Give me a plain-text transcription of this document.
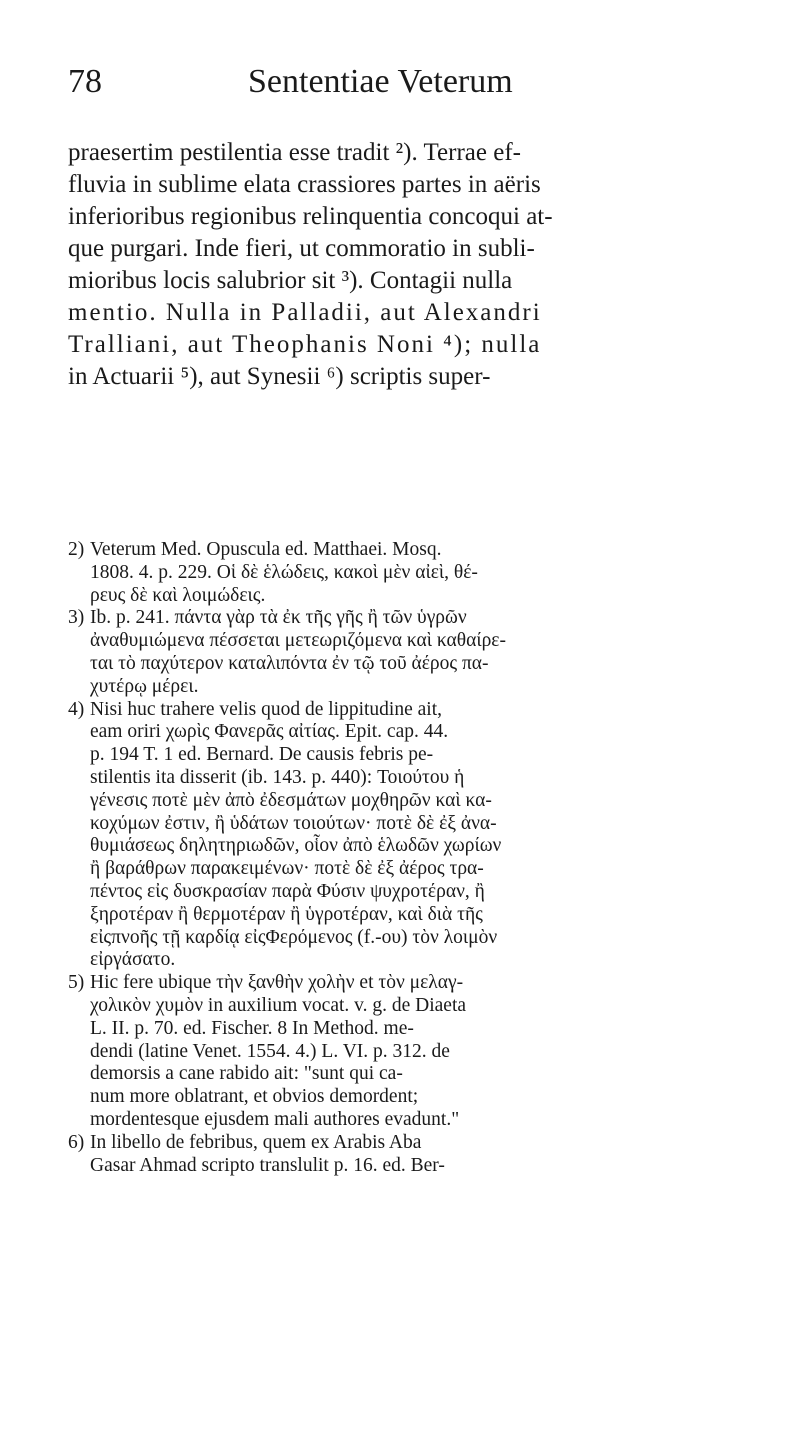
78	Sententiae Veterum
praesertim pestilentia esse tradit ²). Terrae ef-
fluvia in sublime elata crassiores partes in aëris
inferioribus regionibus relinquentia concoqui at-
que purgari. Inde fieri, ut commoratio in subli-
mioribus locis salubrior sit ³). Contagii nulla
mentio. Nulla in Palladii, aut Alexandri
Tralliani, aut Theophanis Noni ⁴); nulla
in Actuarii ⁵), aut Synesii ⁶) scriptis super-
2) Veterum Med. Opuscula ed. Matthaei. Mosq.
1808. 4. p. 229. Οἱ δὲ ἑλώδεις, κακοὶ μὲν αἰεὶ, θέ-
ρευς δὲ καὶ λοιμώδεις.
3) Ib. p. 241. πάντα γὰρ τὰ ἐκ τῆς γῆς ἢ τῶν ὑγρῶν
ἀναθυμιώμενα πέσσεται μετεωριζόμενα καὶ καθαίρε-
ται τὸ παχύτερον καταλιπόντα ἐν τῷ τοῦ ἀέρος πα-
χυτέρῳ μέρει.
4) Nisi huc trahere velis quod de lippitudine ait,
eam oriri χωρὶς Φανερᾶς αἰτίας. Epit. cap. 44.
p. 194 T. 1 ed. Bernard. De causis febris pe-
stilentis ita disserit (ib. 143. p. 440): Τοιούτου ἡ
γένεσις ποτὲ μὲν ἀπὸ ἐδεσμάτων μοχθηρῶν καὶ κα-
κοχύμων ἐστιν, ἢ ὑδάτων τοιούτων· ποτὲ δὲ ἐξ ἀνα-
θυμιάσεως δηλητηριωδῶν, οἷον ἀπὸ ἑλωδῶν χωρίων
ἢ βαράθρων παρακειμένων· ποτὲ δὲ ἐξ ἀέρος τρα-
πέντος εἰς δυσκρασίαν παρὰ Φύσιν ψυχροτέραν, ἢ
ξηροτέραν ἢ θερμοτέραν ἢ ὑγροτέραν, καὶ διὰ τῆς
εἰςπνοῆς τῇ καρδίᾳ εἰςΦερόμενος (f.-ου) τὸν λοιμὸν
εἰργάσατο.
5) Hic fere ubique τὴν ξανθὴν χολὴν et τὸν μελαγ-
χολικὸν χυμὸν in auxilium vocat. v. g. de Diaeta
L. II. p. 70. ed. Fischer. 8 In Method. me-
dendi (latine Venet. 1554. 4.) L. VI. p. 312. de
demorsis a cane rabido ait: "sunt qui ca-
num more oblatrant, et obvios demordent;
mordentesque ejusdem mali authores evadunt."
6) In libello de febribus, quem ex Arabis Aba
Gasar Ahmad scripto translulit p. 16. ed. Ber-
